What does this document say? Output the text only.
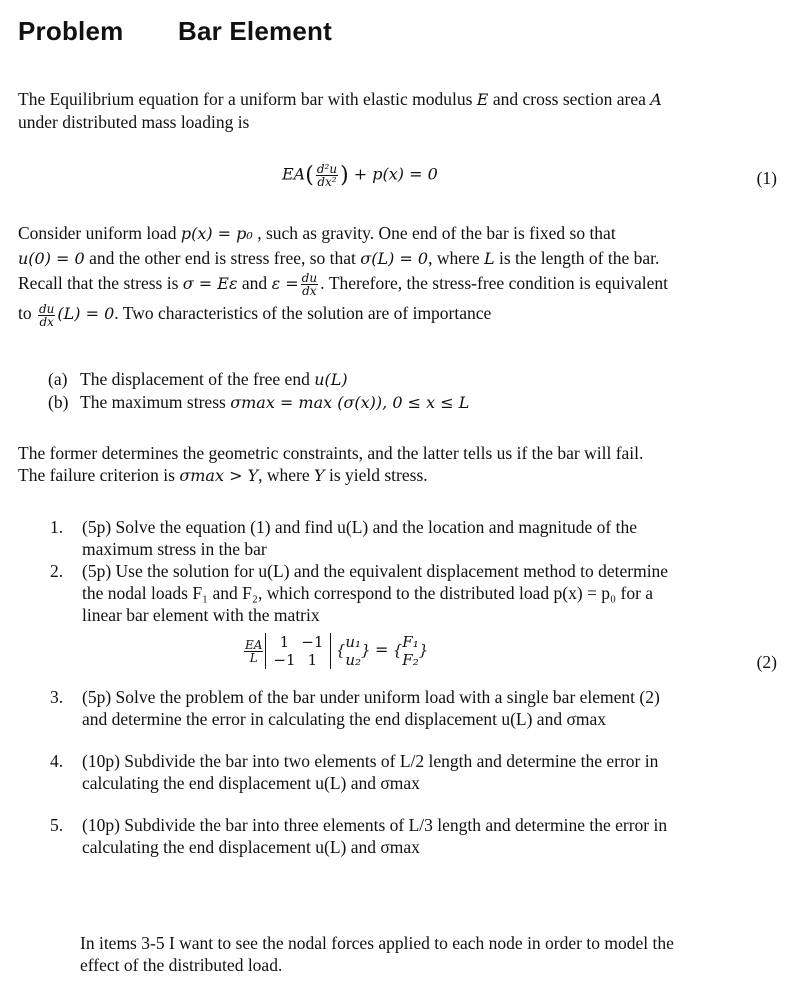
Problem Bar Element
The Equilibrium equation for a uniform bar with elastic modulus E and cross section area A
under distributed mass loading is
$EA( \frac{\text{d²u}}{\text{dx²}}$ ) + p(x) = 0	(1)
Consider uniform load p(x) = p₀ , such as gravity. One end of the bar is fixed so that
u(0) = 0 and the other end is stress free, so that σ(L) = 0, where L is the length of the bar.
Recall that the stress is σ = Eε and $\varepsilon = \frac{du}{dx}$ . Therefore, the stress-free condition is equivalent
to $\frac{du}{dx} (L) = 0$. Two characteristics of the solution are of importance
(a) The displacement of the free end u(L)
(b) The maximum stress σmax = max (σ(x)), 0 ≤ x ≤ L
The former determines the geometric constraints, and the latter tells us if the bar will fail.
The failure criterion is σmax > Y, where Y is yield stress.
1. (5p) Solve the equation (1) and find u(L) and the location and magnitude of the
maximum stress in the bar
2. (5p) Use the solution for u(L) and the equivalent displacement method to determine
the nodal loads F₁ and F₂, which correspond to the distributed load p(x) = p₀ for a
linear bar element with the matrix
$\frac{EA}{L} 1 -1$
−1 1 {u₁
u₂} = {F₁
F₂}
(2)
3. (5p) Solve the problem of the bar under uniform load with a single bar element (2)
and determine the error in calculating the end displacement u(L) and σmax
4. (10p) Subdivide the bar into two elements of L/2 length and determine the error in
calculating the end displacement u(L) and σmax
5. (10p) Subdivide the bar into three elements of L/3 length and determine the error in
calculating the end displacement u(L) and σmax
In items 3-5 I want to see the nodal forces applied to each node in order to model the
effect of the distributed load.
